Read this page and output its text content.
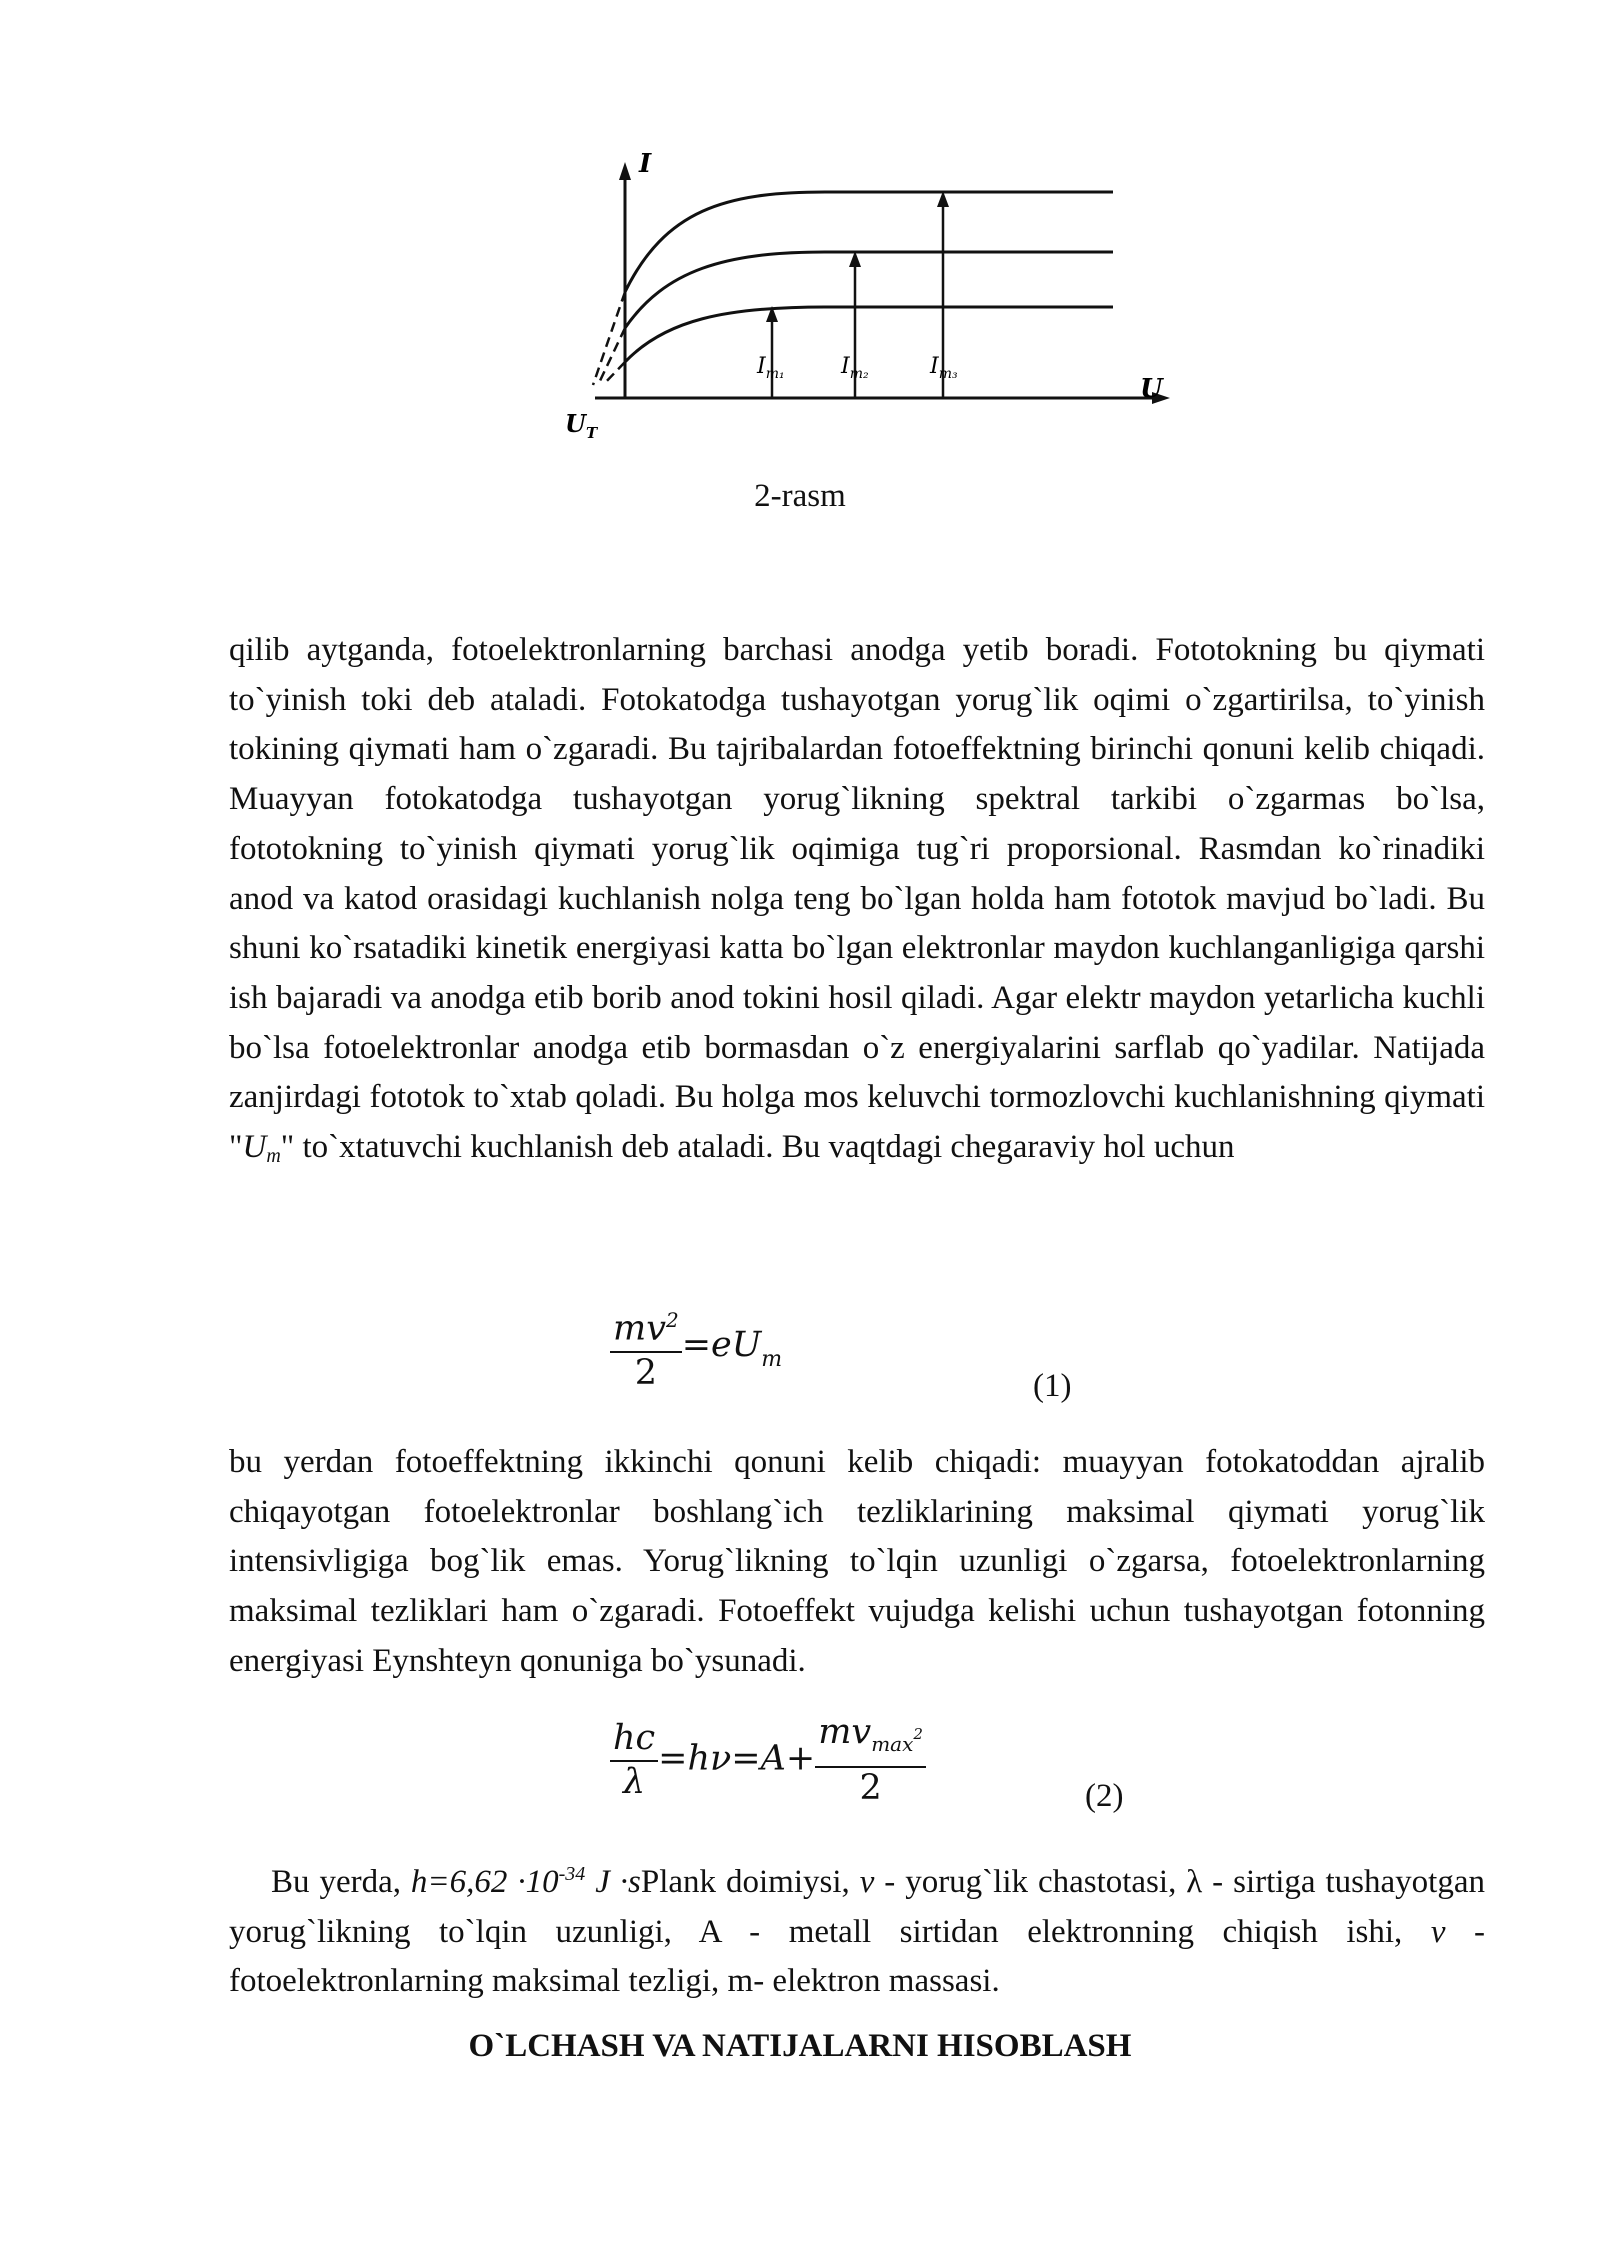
I
U
$U_T$
$I_{m_1}$	$I_{m_2}$	$I_{m_3}$
2-rasm

qilib aytganda, fotoelektronlarning barchasi anodga yetib boradi. Fototokning bu qiymati to`yinish toki deb ataladi. Fotokatodga tushayotgan yorug`lik oqimi o`zgartirilsa, to`yinish tokining qiymati ham o`zgaradi. Bu tajribalardan fotoeffektning birinchi qonuni kelib chiqadi. Muayyan fotokatodga tushayotgan yorug`likning spektral tarkibi o`zgarmas bo`lsa, fototokning to`yinish qiymati yorug`lik oqimiga tug`ri proporsional. Rasmdan ko`rinadiki anod va katod orasidagi kuchlanish nolga teng bo`lgan holda ham fototok mavjud bo`ladi. Bu shuni ko`rsatadiki kinetik energiyasi katta bo`lgan elektronlar maydon kuchlanganligiga qarshi ish bajaradi va anodga etib borib anod tokini hosil qiladi. Agar elektr maydon yetarlicha kuchli bo`lsa fotoelektronlar anodga etib bormasdan o`z energiyalarini sarflab qo`yadilar. Natijada zanjirdagi fototok to`xtab qoladi. Bu holga mos keluvchi tormozlovchi kuchlanishning qiymati "Um" to`xtatuvchi kuchlanish deb ataladi. Bu vaqtdagi chegaraviy hol uchun

$\frac{mv^2}{2} =eU_m$
(1)

bu yerdan fotoeffektning ikkinchi qonuni kelib chiqadi: muayyan fotokatoddan ajralib chiqayotgan fotoelektronlar boshlang`ich tezliklarining maksimal qiymati yorug`lik intensivligiga bog`lik emas. Yorug`likning to`lqin uzunligi o`zgarsa, fotoelektronlarning maksimal tezliklari ham o`zgaradi. Fotoeffekt vujudga kelishi uchun tushayotgan fotonning energiyasi Eynshteyn qonuniga bo`ysunadi.

$\frac{hc}{\lambda} =h\nu=A+ \frac{mv_{max}^2}{2}$	(2)

Bu yerda, $h=6,62 \cdot 10^{-34}$ J ·sPlank doimiysi, v - yorug`lik chastotasi, λ - sirtiga tushayotgan yorug`likning to`lqin uzunligi, A - metall sirtidan elektronning chiqish ishi, v - fotoelektronlarning maksimal tezligi, m- elektron massasi.

O`LCHASH VA NATIJALARNI HISOBLASH
